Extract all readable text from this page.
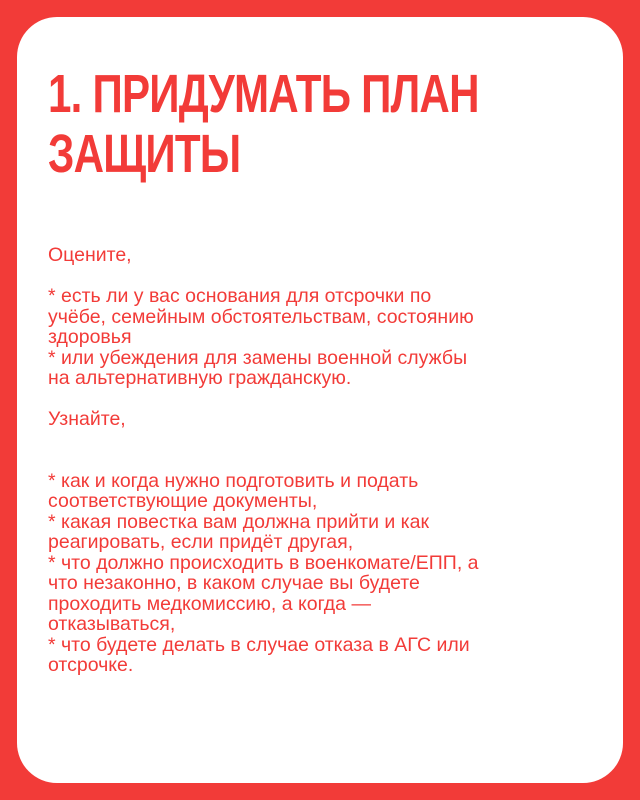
1. ПРИДУМАТЬ ПЛАН
ЗАЩИТЫ

Оцените,

* есть ли у вас основания для отсрочки по
учёбе, семейным обстоятельствам, состоянию
здоровья

* или убеждения для замены военной службы
на альтернативную гражданскую.

Узнайте,

* как и когда нужно подготовить и подать
соответствующие документы,

* какая повестка вам должна прийти и как
реагировать, если придёт другая,

* что должно происходить в военкомате/ЕПП, а
что незаконно, в каком случае вы будете
проходить медкомиссию, а когда —
отказываться,

* что будете делать в случае отказа в АГС или
отсрочке.
